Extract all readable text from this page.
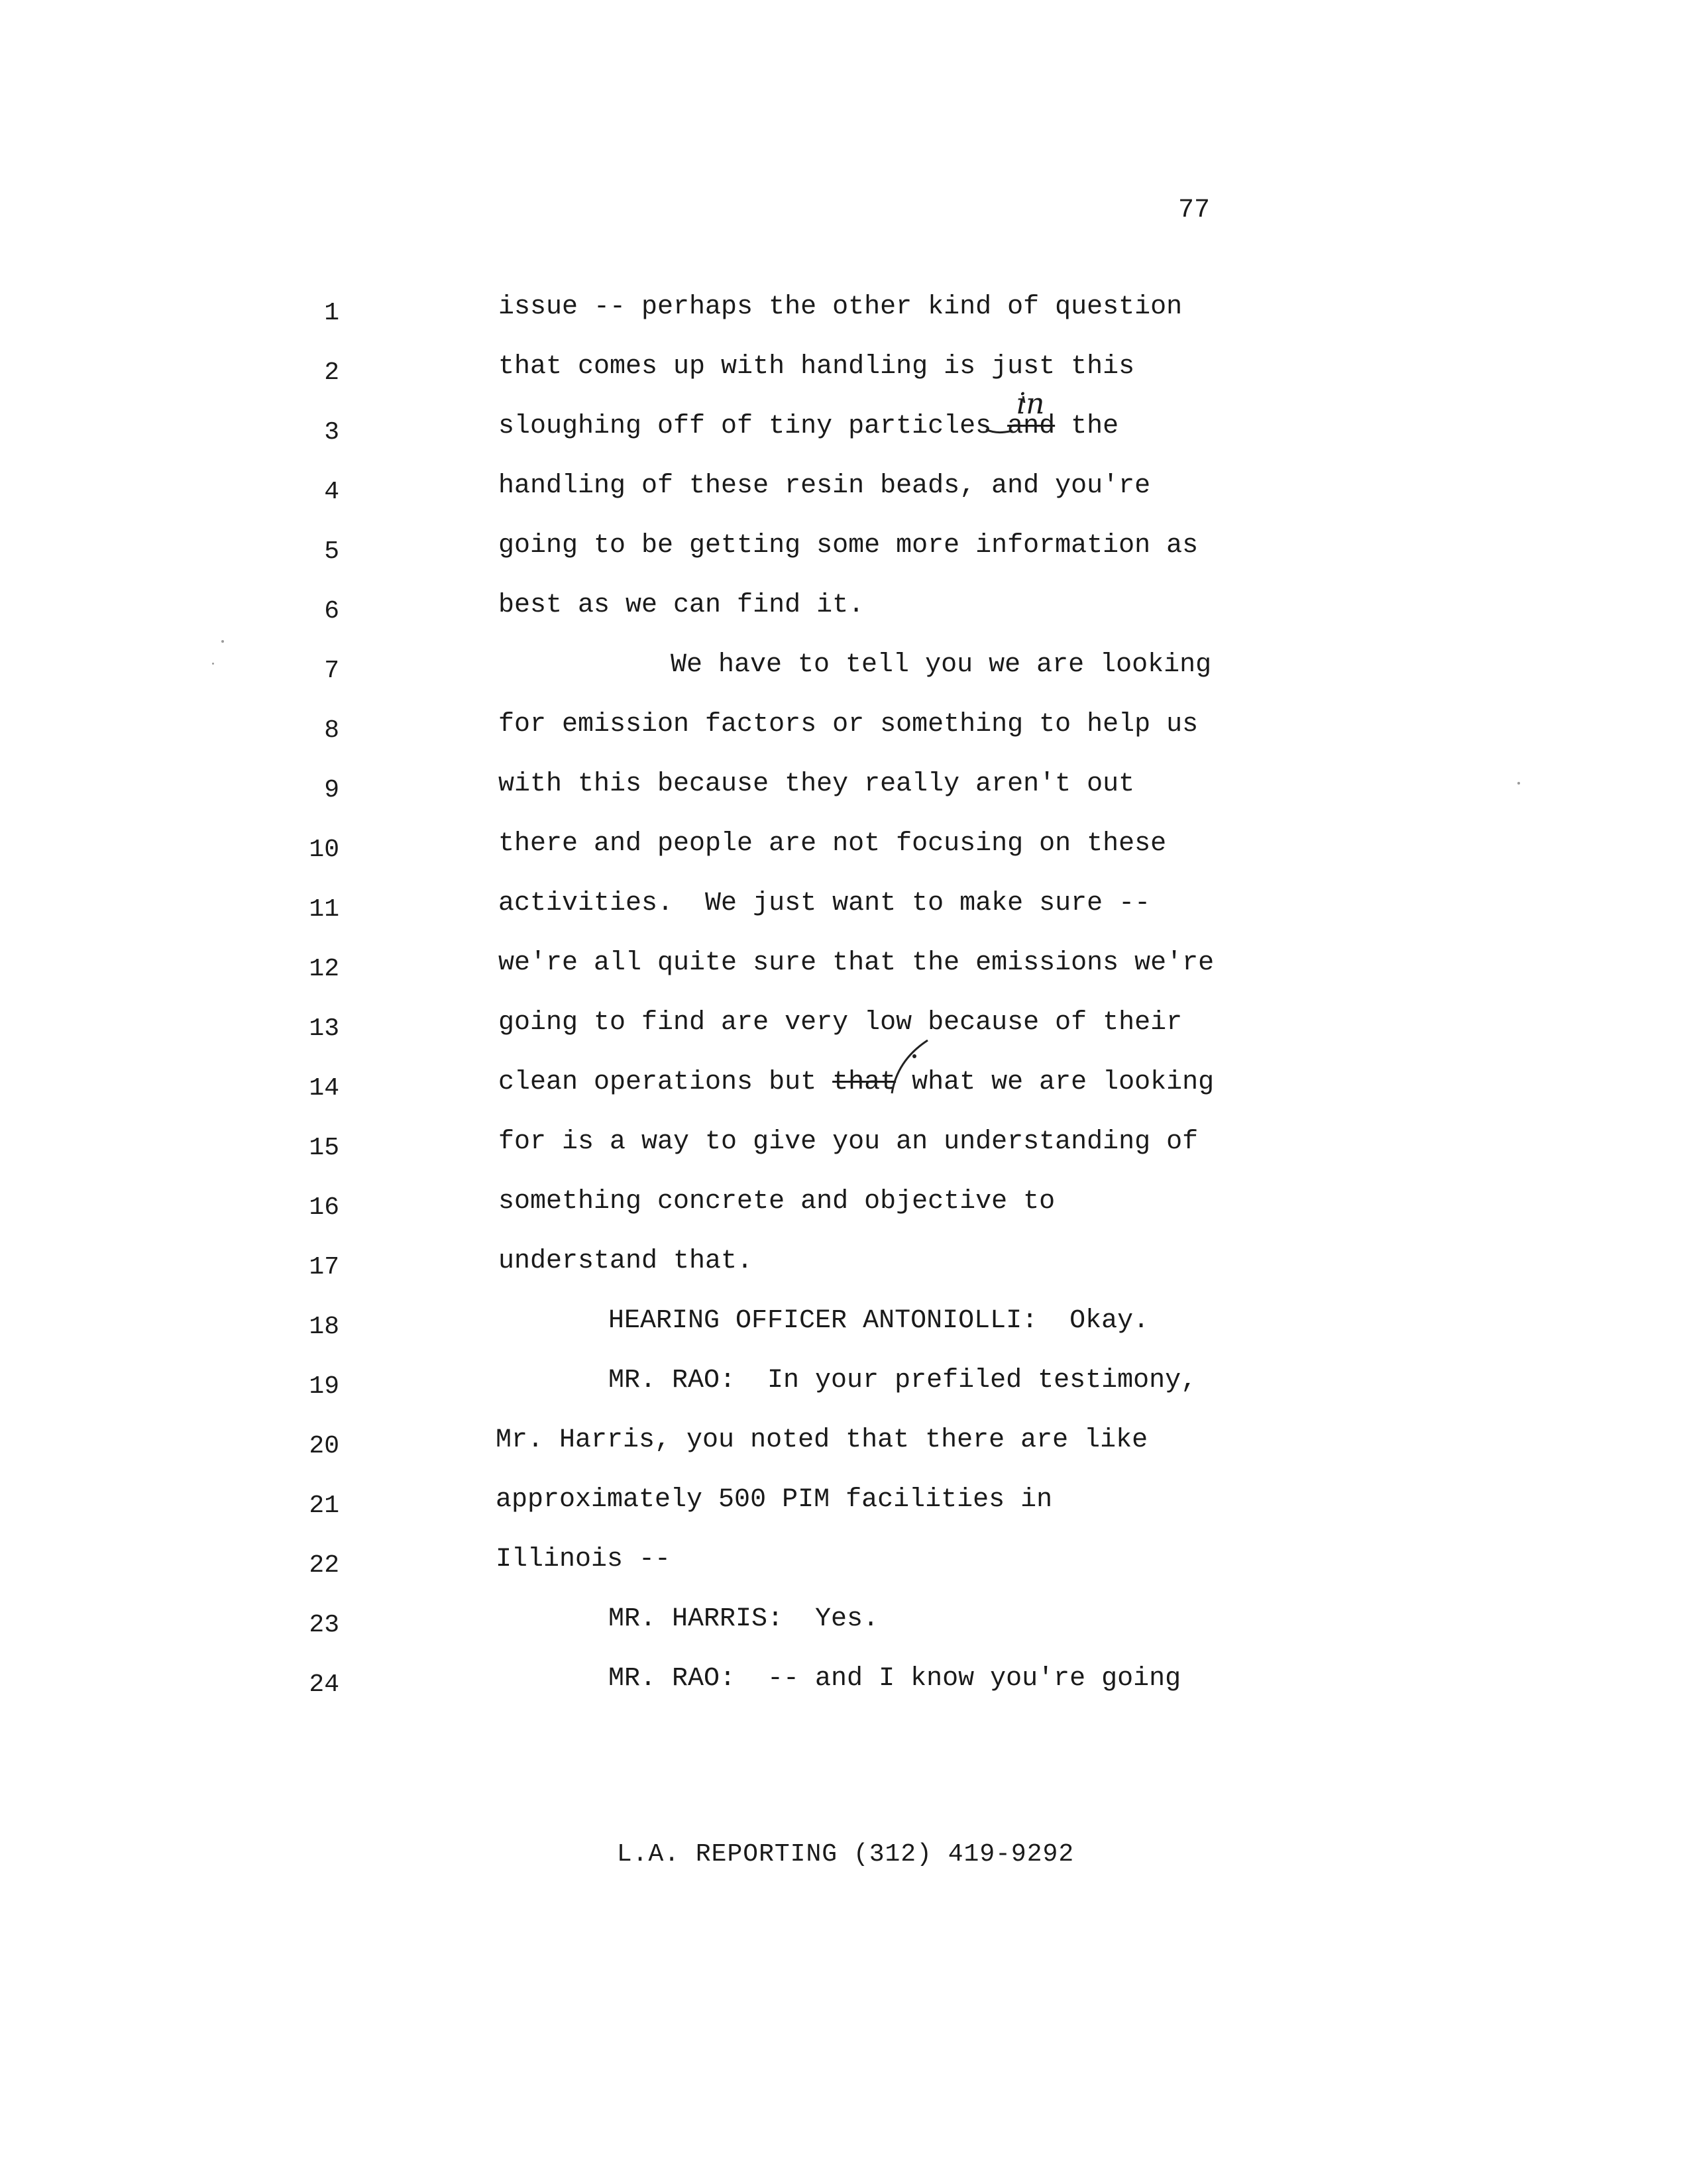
77
1
2
3
4
5
6
7
8
9
10
11
12
13
14
15
16
17
18
19
20
21
22
23
24
issue -- perhaps the other kind of question
that comes up with handling is just this
sloughing off of tiny particles and the
handling of these resin beads, and you're
going to be getting some more information as
best as we can find it.
We have to tell you we are looking
for emission factors or something to help us
with this because they really aren't out
there and people are not focusing on these
activities.  We just want to make sure --
we're all quite sure that the emissions we're
going to find are very low because of their
clean operations but that what we are looking
for is a way to give you an understanding of
something concrete and objective to
understand that.
HEARING OFFICER ANTONIOLLI:  Okay.
MR. RAO:  In your prefiled testimony,
Mr. Harris, you noted that there are like
approximately 500 PIM facilities in
Illinois --
MR. HARRIS:  Yes.
MR. RAO:  -- and I know you're going
in
L.A. REPORTING (312) 419-9292
